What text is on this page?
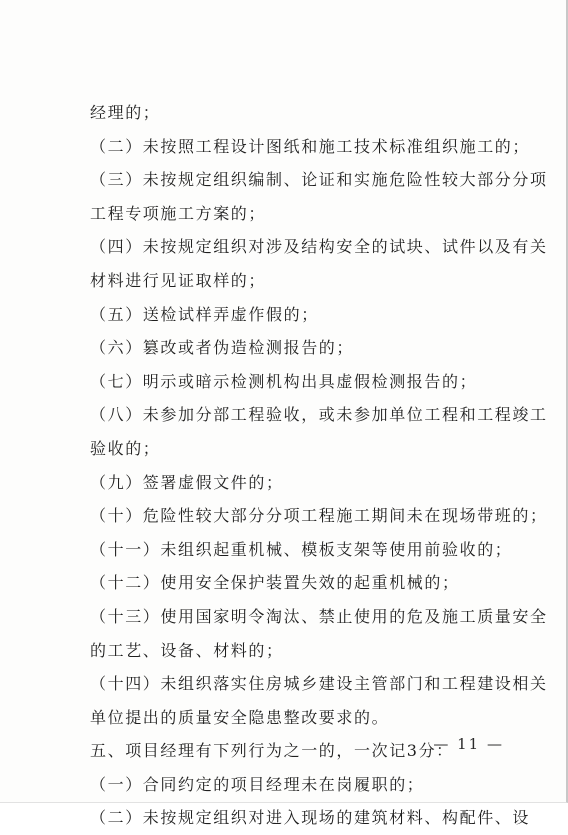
经理的；
（二）未按照工程设计图纸和施工技术标准组织施工的；
（三）未按规定组织编制、论证和实施危险性较大部分分项
工程专项施工方案的；
（四）未按规定组织对涉及结构安全的试块、试件以及有关
材料进行见证取样的；
（五）送检试样弄虚作假的；
（六）篡改或者伪造检测报告的；
（七）明示或暗示检测机构出具虚假检测报告的；
（八）未参加分部工程验收，或未参加单位工程和工程竣工
验收的；
（九）签署虚假文件的；
（十）危险性较大部分分项工程施工期间未在现场带班的；
（十一）未组织起重机械、模板支架等使用前验收的；
（十二）使用安全保护装置失效的起重机械的；
（十三）使用国家明令淘汰、禁止使用的危及施工质量安全
的工艺、设备、材料的；
（十四）未组织落实住房城乡建设主管部门和工程建设相关
单位提出的质量安全隐患整改要求的。
五、项目经理有下列行为之一的，一次记3分：
（一）合同约定的项目经理未在岗履职的；
（二）未按规定组织对进入现场的建筑材料、构配件、设
— 11 —
